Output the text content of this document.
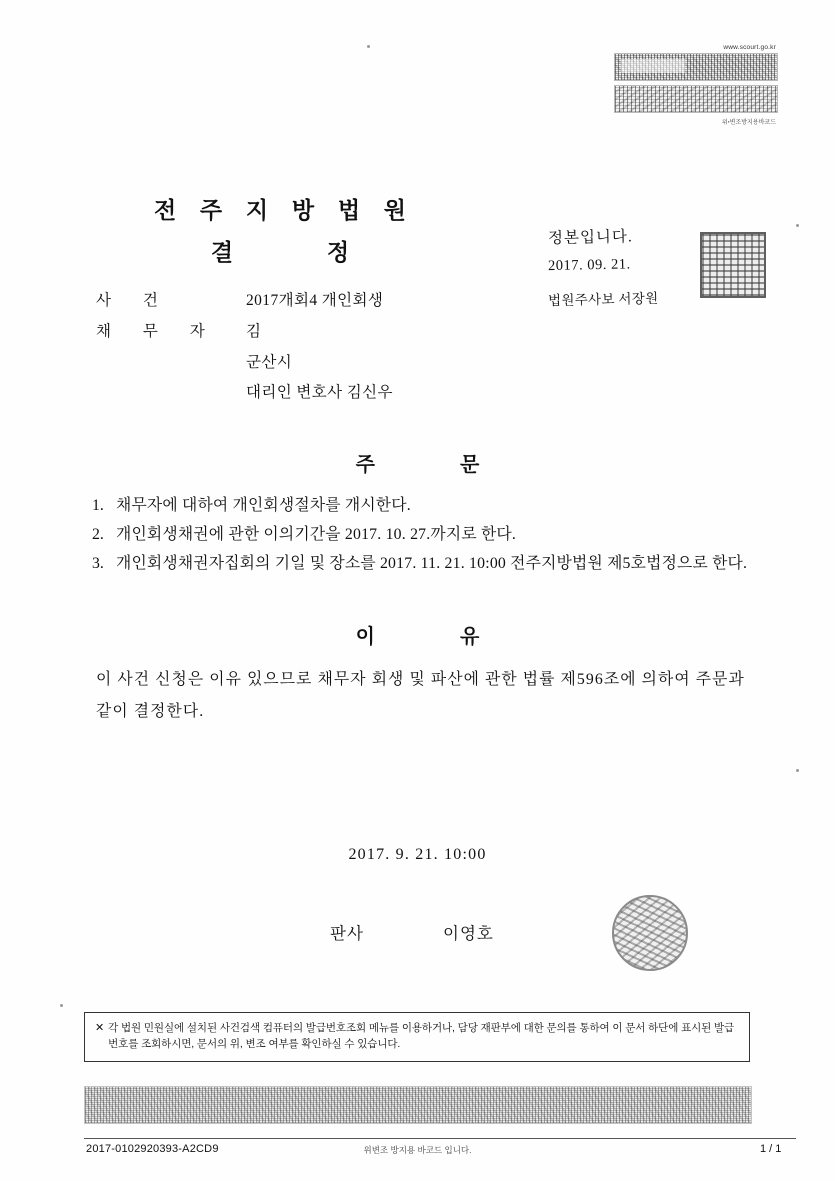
www.scourt.go.kr
위‧변조방지용바코드
전 주 지 방 법 원
결 정
정본입니다.
2017. 09. 21.
법원주사보 서장원
사 건	2017개회4 개인회생
채 무 자	김
군산시
대리인 변호사 김신우
주 문
1. 채무자에 대하여 개인회생절차를 개시한다.
2. 개인회생채권에 관한 이의기간을 2017. 10. 27.까지로 한다.
3. 개인회생채권자집회의 기일 및 장소를 2017. 11. 21. 10:00 전주지방법원 제5호법정으로 한다.
이 유
이 사건 신청은 이유 있으므로 채무자 회생 및 파산에 관한 법률 제596조에 의하여 주문과 같이 결정한다.
2017. 9. 21. 10:00
판사	이영호
✕ 각 법원 민원실에 설치된 사건검색 컴퓨터의 발급번호조회 메뉴를 이용하거나, 담당 재판부에 대한 문의를 통하여 이 문서 하단에 표시된 발급번호를 조회하시면, 문서의 위, 변조 여부를 확인하실 수 있습니다.
2017-0102920393-A2CD9	위변조 방지용 바코드 입니다.	1 / 1
